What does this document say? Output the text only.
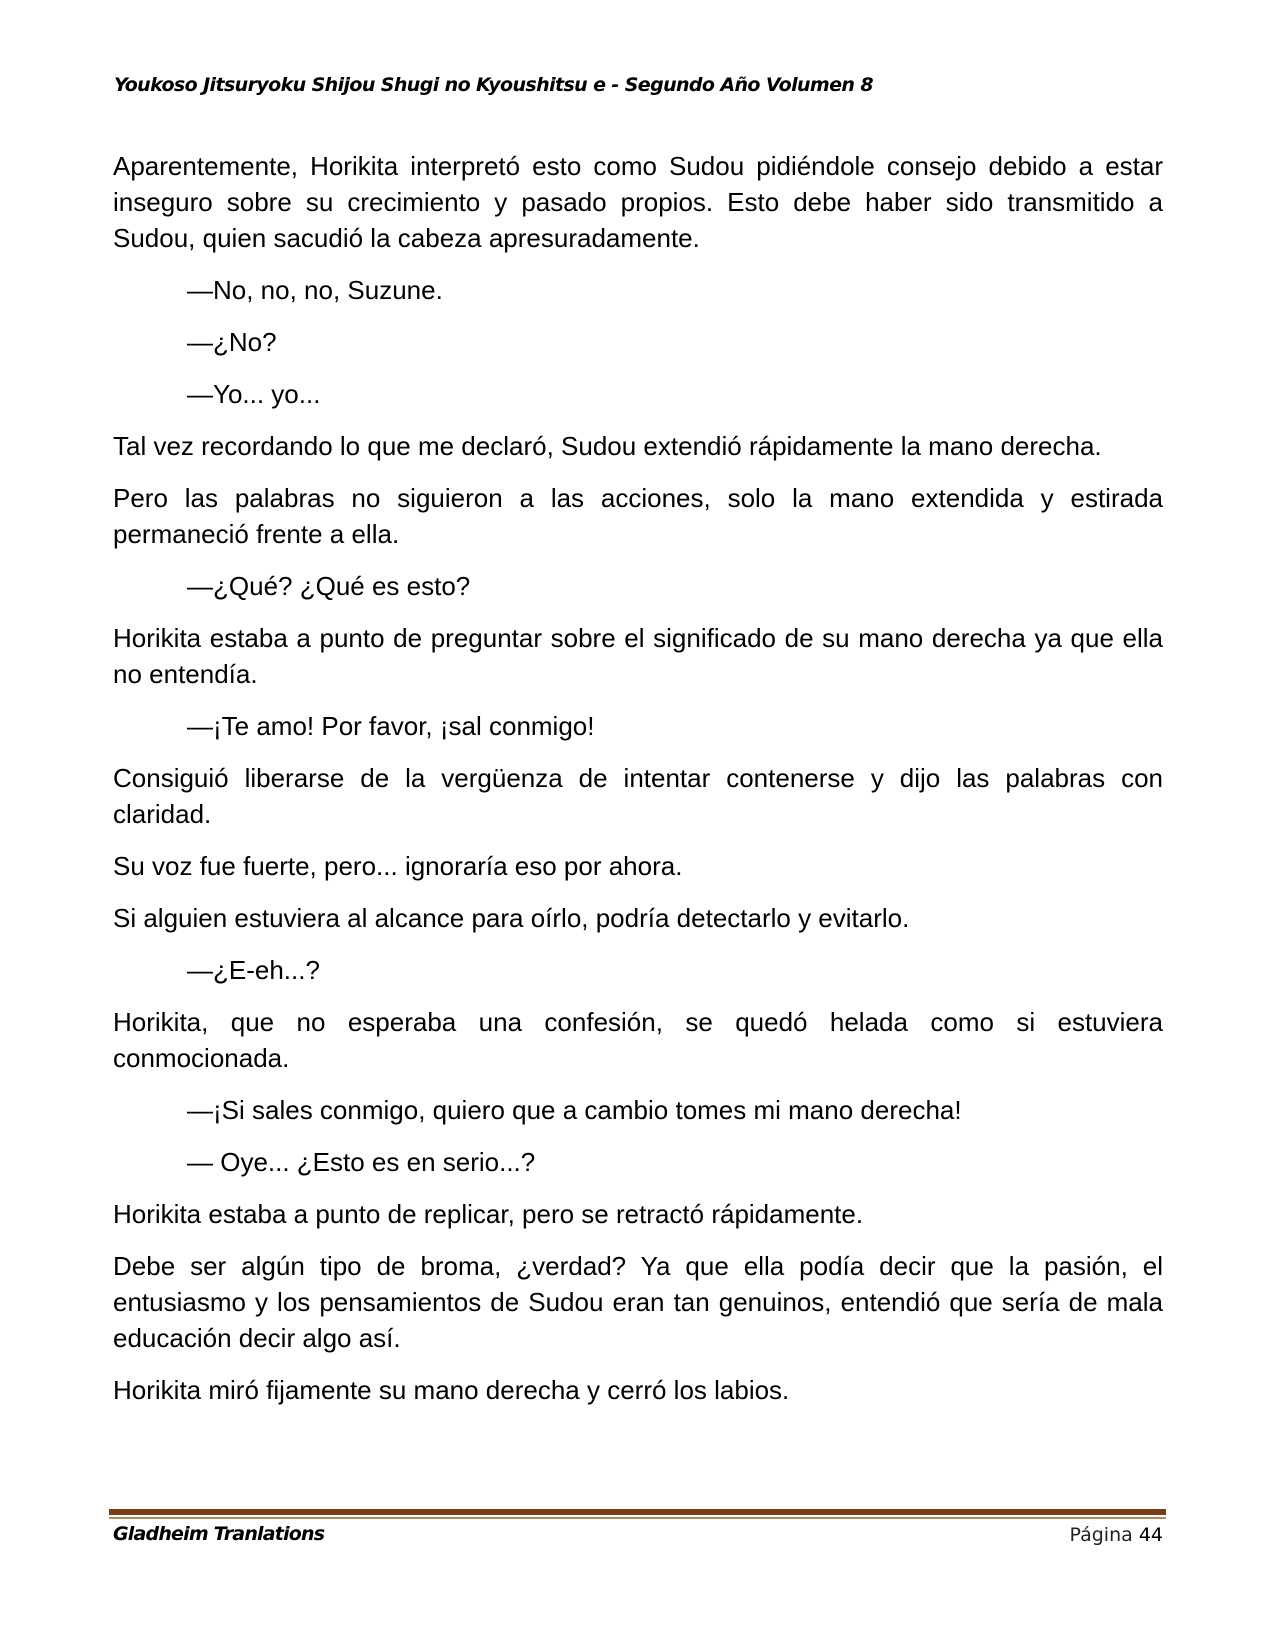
Youkoso Jitsuryoku Shijou Shugi no Kyoushitsu e - Segundo Año Volumen 8

Aparentemente, Horikita interpretó esto como Sudou pidiéndole consejo debido a estar inseguro sobre su crecimiento y pasado propios. Esto debe haber sido transmitido a Sudou, quien sacudió la cabeza apresuradamente.

—No, no, no, Suzune.

—¿No?

—Yo... yo...

Tal vez recordando lo que me declaró, Sudou extendió rápidamente la mano derecha.

Pero las palabras no siguieron a las acciones, solo la mano extendida y estirada permaneció frente a ella.

—¿Qué? ¿Qué es esto?

Horikita estaba a punto de preguntar sobre el significado de su mano derecha ya que ella no entendía.

—¡Te amo! Por favor, ¡sal conmigo!

Consiguió liberarse de la vergüenza de intentar contenerse y dijo las palabras con claridad.

Su voz fue fuerte, pero... ignoraría eso por ahora.

Si alguien estuviera al alcance para oírlo, podría detectarlo y evitarlo.

—¿E-eh...?

Horikita, que no esperaba una confesión, se quedó helada como si estuviera conmocionada.

—¡Si sales conmigo, quiero que a cambio tomes mi mano derecha!

— Oye... ¿Esto es en serio...?

Horikita estaba a punto de replicar, pero se retractó rápidamente.

Debe ser algún tipo de broma, ¿verdad? Ya que ella podía decir que la pasión, el entusiasmo y los pensamientos de Sudou eran tan genuinos, entendió que sería de mala educación decir algo así.

Horikita miró fijamente su mano derecha y cerró los labios.

Gladheim Tranlations	Página 44
